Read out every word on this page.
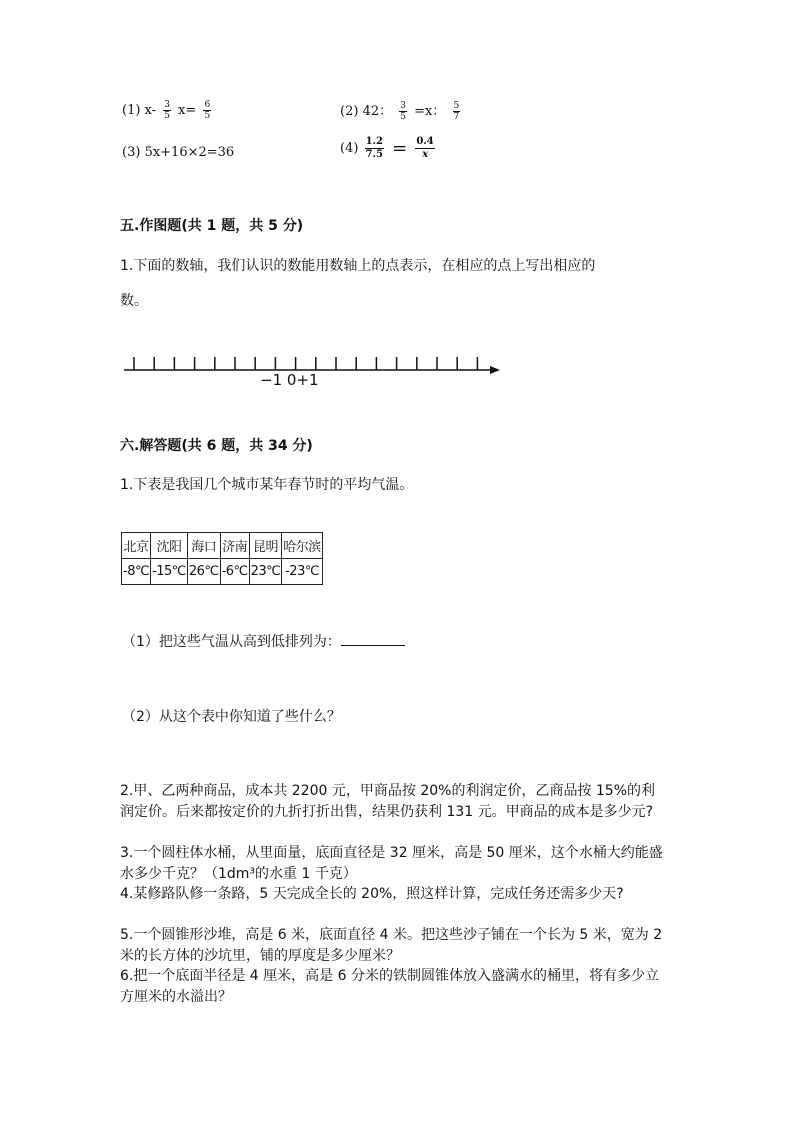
(1) $x- \frac{3}{5} x= \frac{6}{5}$	(2) 42： $\frac{3}{5} =x$： $\frac{5}{7}$
(3) 5x+16×2=36	$(4) \frac{1.2}{7.5} = \frac{0.4}{x}$
五.作图题(共 1 题，共 5 分)
1.下面的数轴，我们认识的数能用数轴上的点表示，在相应的点上写出相应的
数。
−1 0+1
六.解答题(共 6 题，共 34 分)
1.下表是我国几个城市某年春节时的平均气温。
北京	沈阳	海口	济南	昆明	哈尔滨
-8℃	-15℃	26℃	-6℃	23℃	-23℃
（1）把这些气温从高到低排列为：
（2）从这个表中你知道了些什么？
2.甲、乙两种商品，成本共 2200 元，甲商品按 20%的利润定价，乙商品按 15%的利润定价。后来都按定价的九折打折出售，结果仍获利 131 元。甲商品的成本是多少元?
3.一个圆柱体水桶，从里面量，底面直径是 32 厘米，高是 50 厘米，这个水桶大约能盛水多少千克？（1dm³的水重 1 千克）
4.某修路队修一条路，5 天完成全长的 20%，照这样计算，完成任务还需多少天?
5.一个圆锥形沙堆，高是 6 米，底面直径 4 米。把这些沙子铺在一个长为 5 米，宽为 2 米的长方体的沙坑里，铺的厚度是多少厘米？
6.把一个底面半径是 4 厘米，高是 6 分米的铁制圆锥体放入盛满水的桶里，将有多少立方厘米的水溢出？
